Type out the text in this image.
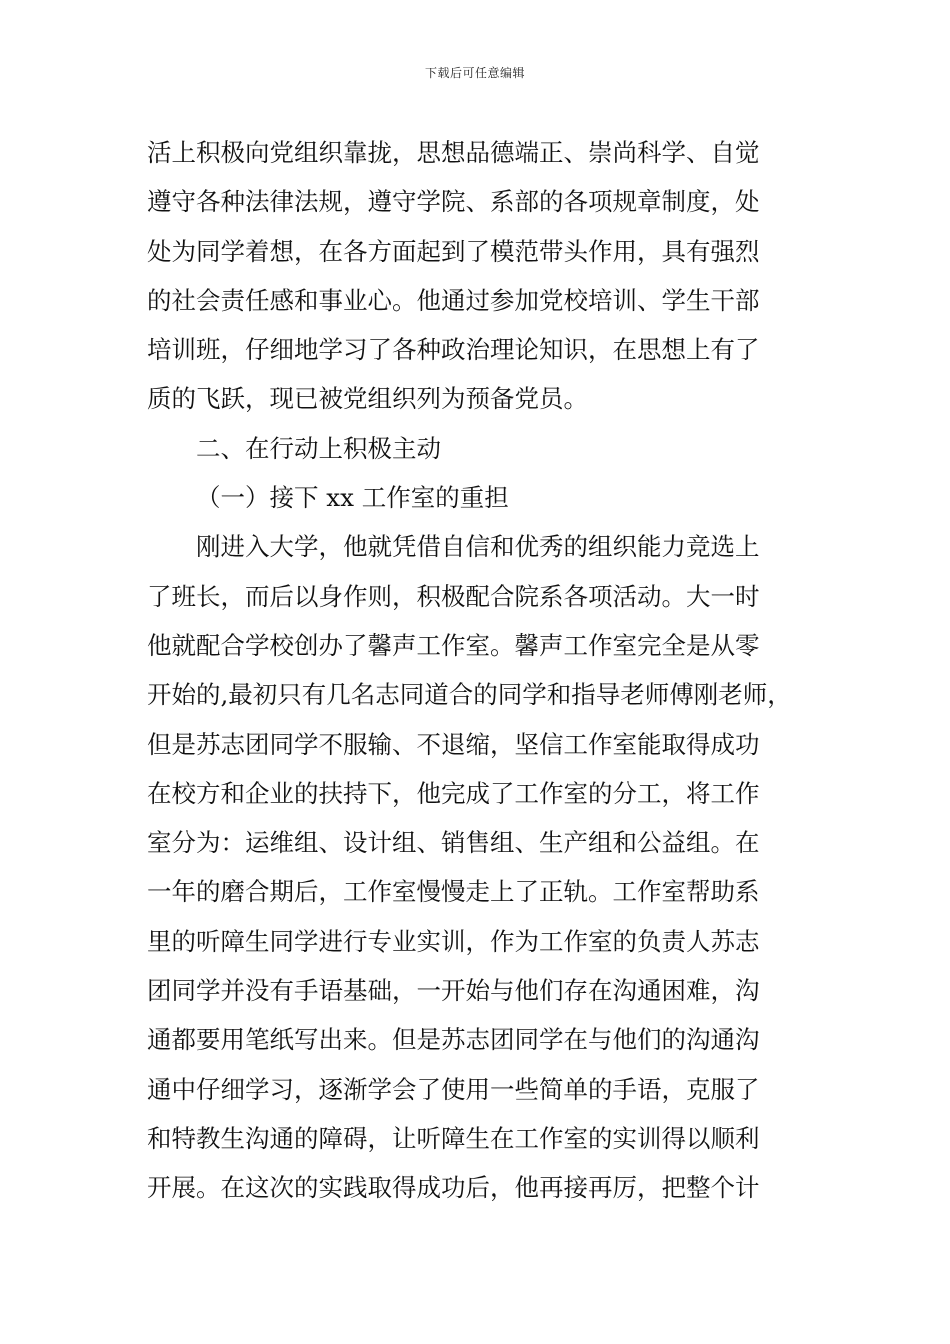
下载后可任意编辑
活上积极向党组织靠拢，思想品德端正、崇尚科学、自觉
遵守各种法律法规，遵守学院、系部的各项规章制度，处
处为同学着想，在各方面起到了模范带头作用，具有强烈
的社会责任感和事业心。他通过参加党校培训、学生干部
培训班，仔细地学习了各种政治理论知识，在思想上有了
质的飞跃，现已被党组织列为预备党员。
二、在行动上积极主动
（一）接下 xx 工作室的重担
刚进入大学，他就凭借自信和优秀的组织能力竞选上
了班长，而后以身作则，积极配合院系各项活动。大一时
他就配合学校创办了馨声工作室。馨声工作室完全是从零
开始的,最初只有几名志同道合的同学和指导老师傅刚老师，
但是苏志团同学不服输、不退缩，坚信工作室能取得成功
在校方和企业的扶持下，他完成了工作室的分工，将工作
室分为：运维组、设计组、销售组、生产组和公益组。在
一年的磨合期后，工作室慢慢走上了正轨。工作室帮助系
里的听障生同学进行专业实训，作为工作室的负责人苏志
团同学并没有手语基础，一开始与他们存在沟通困难，沟
通都要用笔纸写出来。但是苏志团同学在与他们的沟通沟
通中仔细学习，逐渐学会了使用一些简单的手语，克服了
和特教生沟通的障碍，让听障生在工作室的实训得以顺利
开展。在这次的实践取得成功后，他再接再厉，把整个计
